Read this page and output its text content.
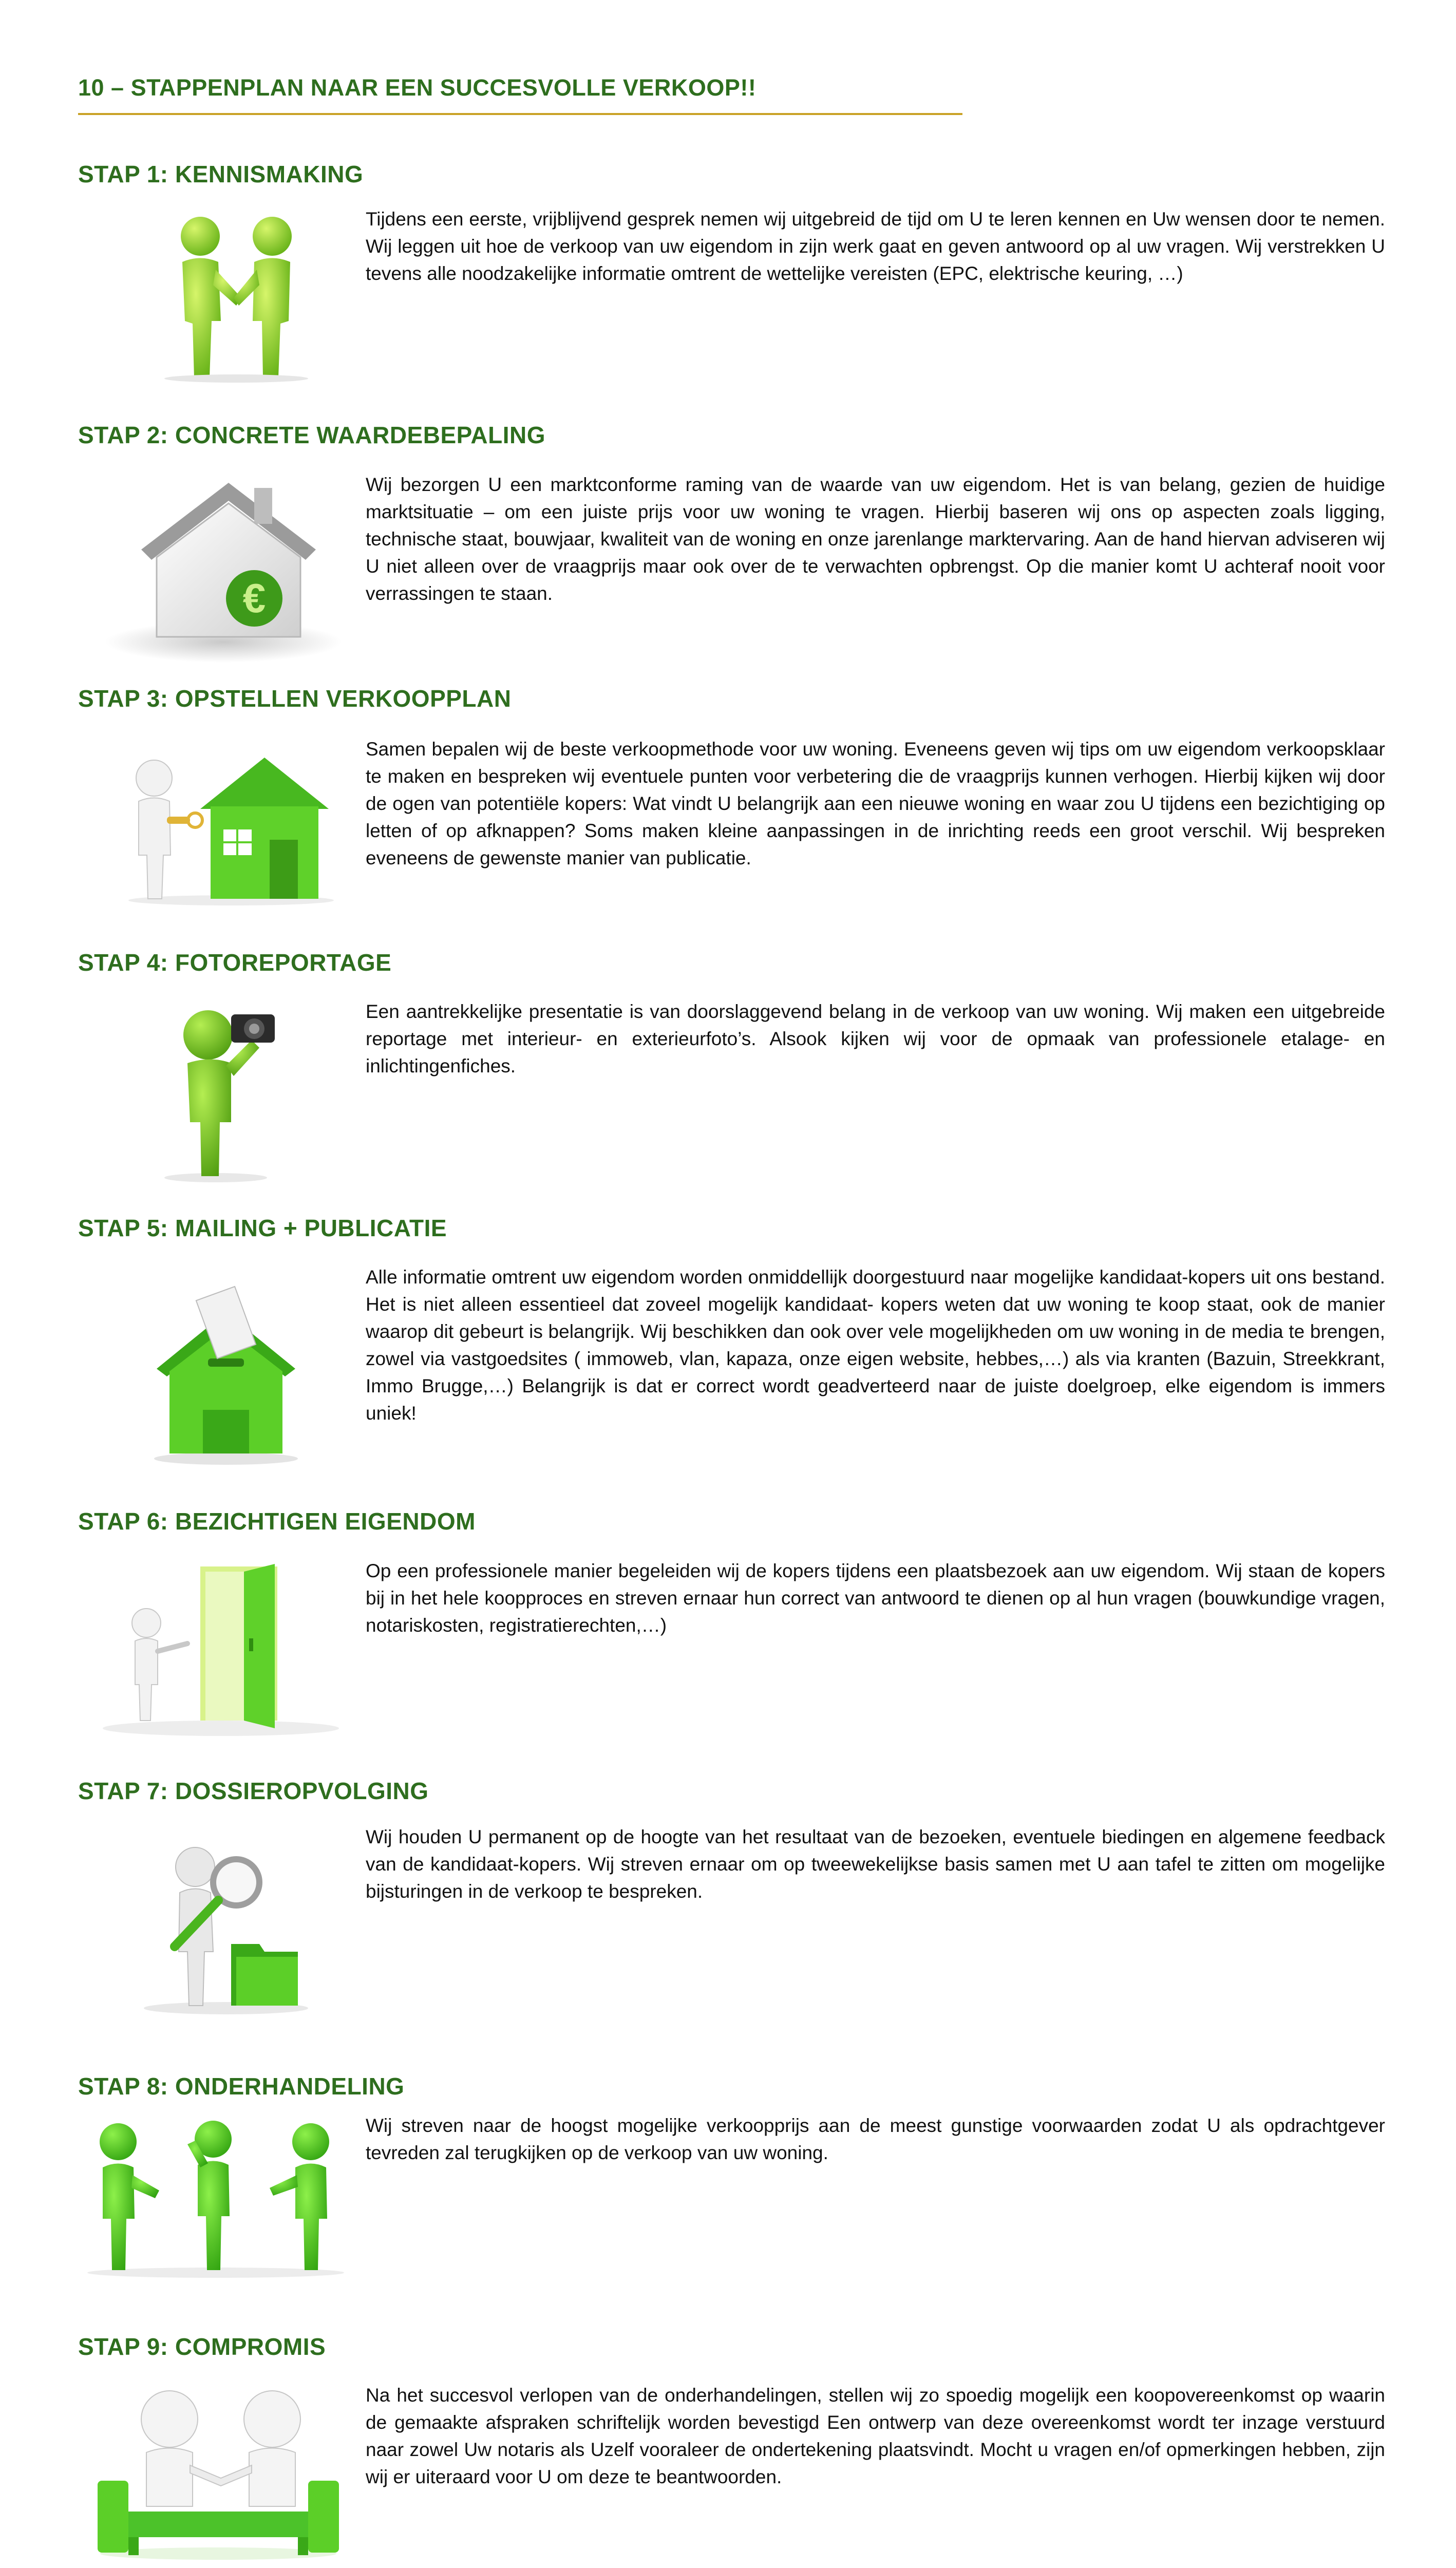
10 – STAPPENPLAN NAAR EEN SUCCESVOLLE VERKOOP!!
STAP 1: KENNISMAKING
Tijdens een eerste, vrijblijvend gesprek nemen wij uitgebreid de tijd om U te leren kennen en Uw wensen door te nemen. Wij leggen uit hoe de verkoop van uw eigendom in zijn werk gaat en geven antwoord op al uw vragen. Wij verstrekken U tevens alle noodzakelijke informatie omtrent de wettelijke vereisten (EPC, elektrische keuring, …)
STAP 2: CONCRETE WAARDEBEPALING
€
Wij bezorgen U een marktconforme raming van de waarde van uw eigendom. Het is van belang, gezien de huidige marktsituatie – om een juiste prijs voor uw woning te vragen. Hierbij baseren wij ons op aspecten zoals ligging, technische staat, bouwjaar, kwaliteit van de woning en onze jarenlange marktervaring. Aan de hand hiervan adviseren wij U niet alleen over de vraagprijs maar ook over de te verwachten opbrengst. Op die manier komt U achteraf nooit voor verrassingen te staan.
STAP 3: OPSTELLEN VERKOOPPLAN
Samen bepalen wij de beste verkoopmethode voor uw woning. Eveneens geven wij tips om uw eigendom verkoopsklaar te maken en bespreken wij eventuele punten voor verbetering die de vraagprijs kunnen verhogen. Hierbij kijken wij door de ogen van potentiële kopers: Wat vindt U belangrijk aan een nieuwe woning en waar zou U tijdens een bezichtiging op letten of op afknappen? Soms maken kleine aanpassingen in de inrichting reeds een groot verschil. Wij bespreken eveneens de gewenste manier van publicatie.
STAP 4: FOTOREPORTAGE
Een aantrekkelijke presentatie is van doorslaggevend belang in de verkoop van uw woning. Wij maken een uitgebreide reportage met interieur- en exterieurfoto’s. Alsook kijken wij voor de opmaak van professionele etalage- en inlichtingenfiches.
STAP 5: MAILING + PUBLICATIE
Alle informatie omtrent uw eigendom worden onmiddellijk doorgestuurd naar mogelijke kandidaat-kopers uit ons bestand. Het is niet alleen essentieel dat zoveel mogelijk kandidaat- kopers weten dat uw woning te koop staat, ook de manier waarop dit gebeurt is belangrijk. Wij beschikken dan ook over vele mogelijkheden om uw woning in de media te brengen, zowel via vastgoedsites ( immoweb, vlan, kapaza, onze eigen website, hebbes,…) als via kranten (Bazuin, Streekkrant, Immo Brugge,…) Belangrijk is dat er correct wordt geadverteerd naar de juiste doelgroep, elke eigendom is immers uniek!
STAP 6: BEZICHTIGEN EIGENDOM
Op een professionele manier begeleiden wij de kopers tijdens een plaatsbezoek aan uw eigendom. Wij staan de kopers bij in het hele koopproces en streven ernaar hun correct van antwoord te dienen op al hun vragen (bouwkundige vragen, notariskosten, registratierechten,…)
STAP 7: DOSSIEROPVOLGING
Wij houden U permanent op de hoogte van het resultaat van de bezoeken, eventuele biedingen en algemene feedback van de kandidaat-kopers. Wij streven ernaar om op tweewekelijkse basis samen met U aan tafel te zitten om mogelijke bijsturingen in de verkoop te bespreken.
STAP 8: ONDERHANDELING
Wij streven naar de hoogst mogelijke verkoopprijs aan de meest gunstige voorwaarden zodat U als opdrachtgever tevreden zal terugkijken op de verkoop van uw woning.
STAP 9: COMPROMIS
Na het succesvol verlopen van de onderhandelingen, stellen wij zo spoedig mogelijk een koopovereenkomst op waarin de gemaakte afspraken schriftelijk worden bevestigd Een ontwerp van deze overeenkomst wordt ter inzage verstuurd naar zowel Uw notaris als Uzelf vooraleer de ondertekening plaatsvindt. Mocht u vragen en/of opmerkingen hebben, zijn wij er uiteraard voor U om deze te beantwoorden.
